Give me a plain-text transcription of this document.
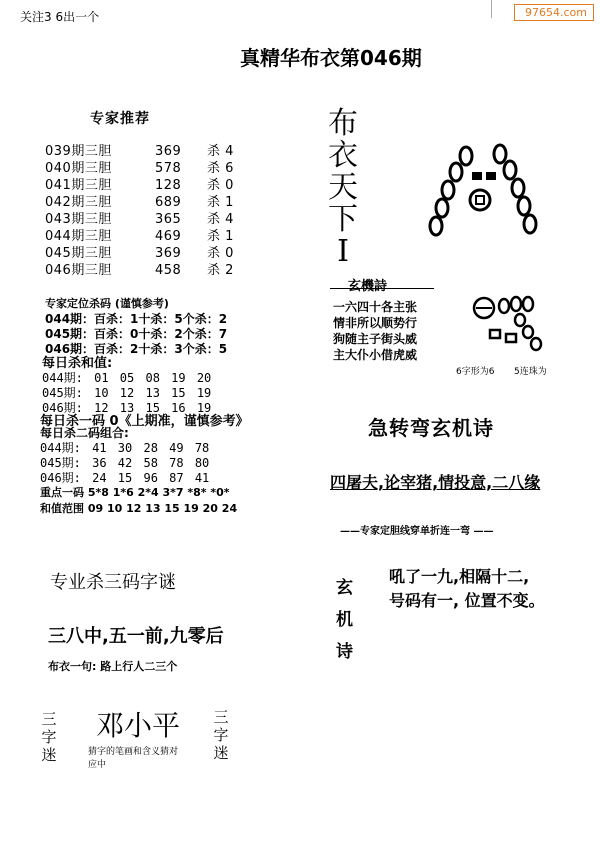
关注3 6出一个	97654.com
真精华布衣第046期
专家推荐
039期三胆	369 杀 4
040期三胆	578 杀 6
041期三胆	128 杀 0
042期三胆	689 杀 1
043期三胆	365 杀 4
044期三胆	469 杀 1
045期三胆	369 杀 0
046期三胆	458 杀 2
专家定位杀码 (谨慎参考)
044期：百杀：1十杀：5个杀：2
045期：百杀：0十杀：2个杀：7
046期：百杀：2十杀：3个杀：5
每日杀和值:
044期: 01 05 08 19 20
045期: 10 12 13 15 19
046期: 12 13 15 16 19
每日杀一码 0《上期准，谨慎参考》
每日杀二码组合:
044期: 41 30 28 49 78
045期: 36 42 58 78 80
046期: 24 15 96 87 41
重点一码 5*8 1*6 2*4 3*7 *8* *0*
和值范围 09 10 12 13 15 19 20 24
布衣天下I
玄機詩
一六四十各主张
情非所以顺势行
狗随主子街头威
主大仆小借虎威
6字形为6 5连珠为
急转弯玄机诗
四屠夫,论宰猪,情投意,二八缘
——专家定胆线穿单折连一弯 ——
玄机诗
吼了一九,相隔十二,
号码有一, 位置不变。
专业杀三码字谜
三八中,五一前,九零后
布衣一句: 路上行人二三个
邓小平
猜字的笔画和含义猜对应中
三字迷
三字迷
